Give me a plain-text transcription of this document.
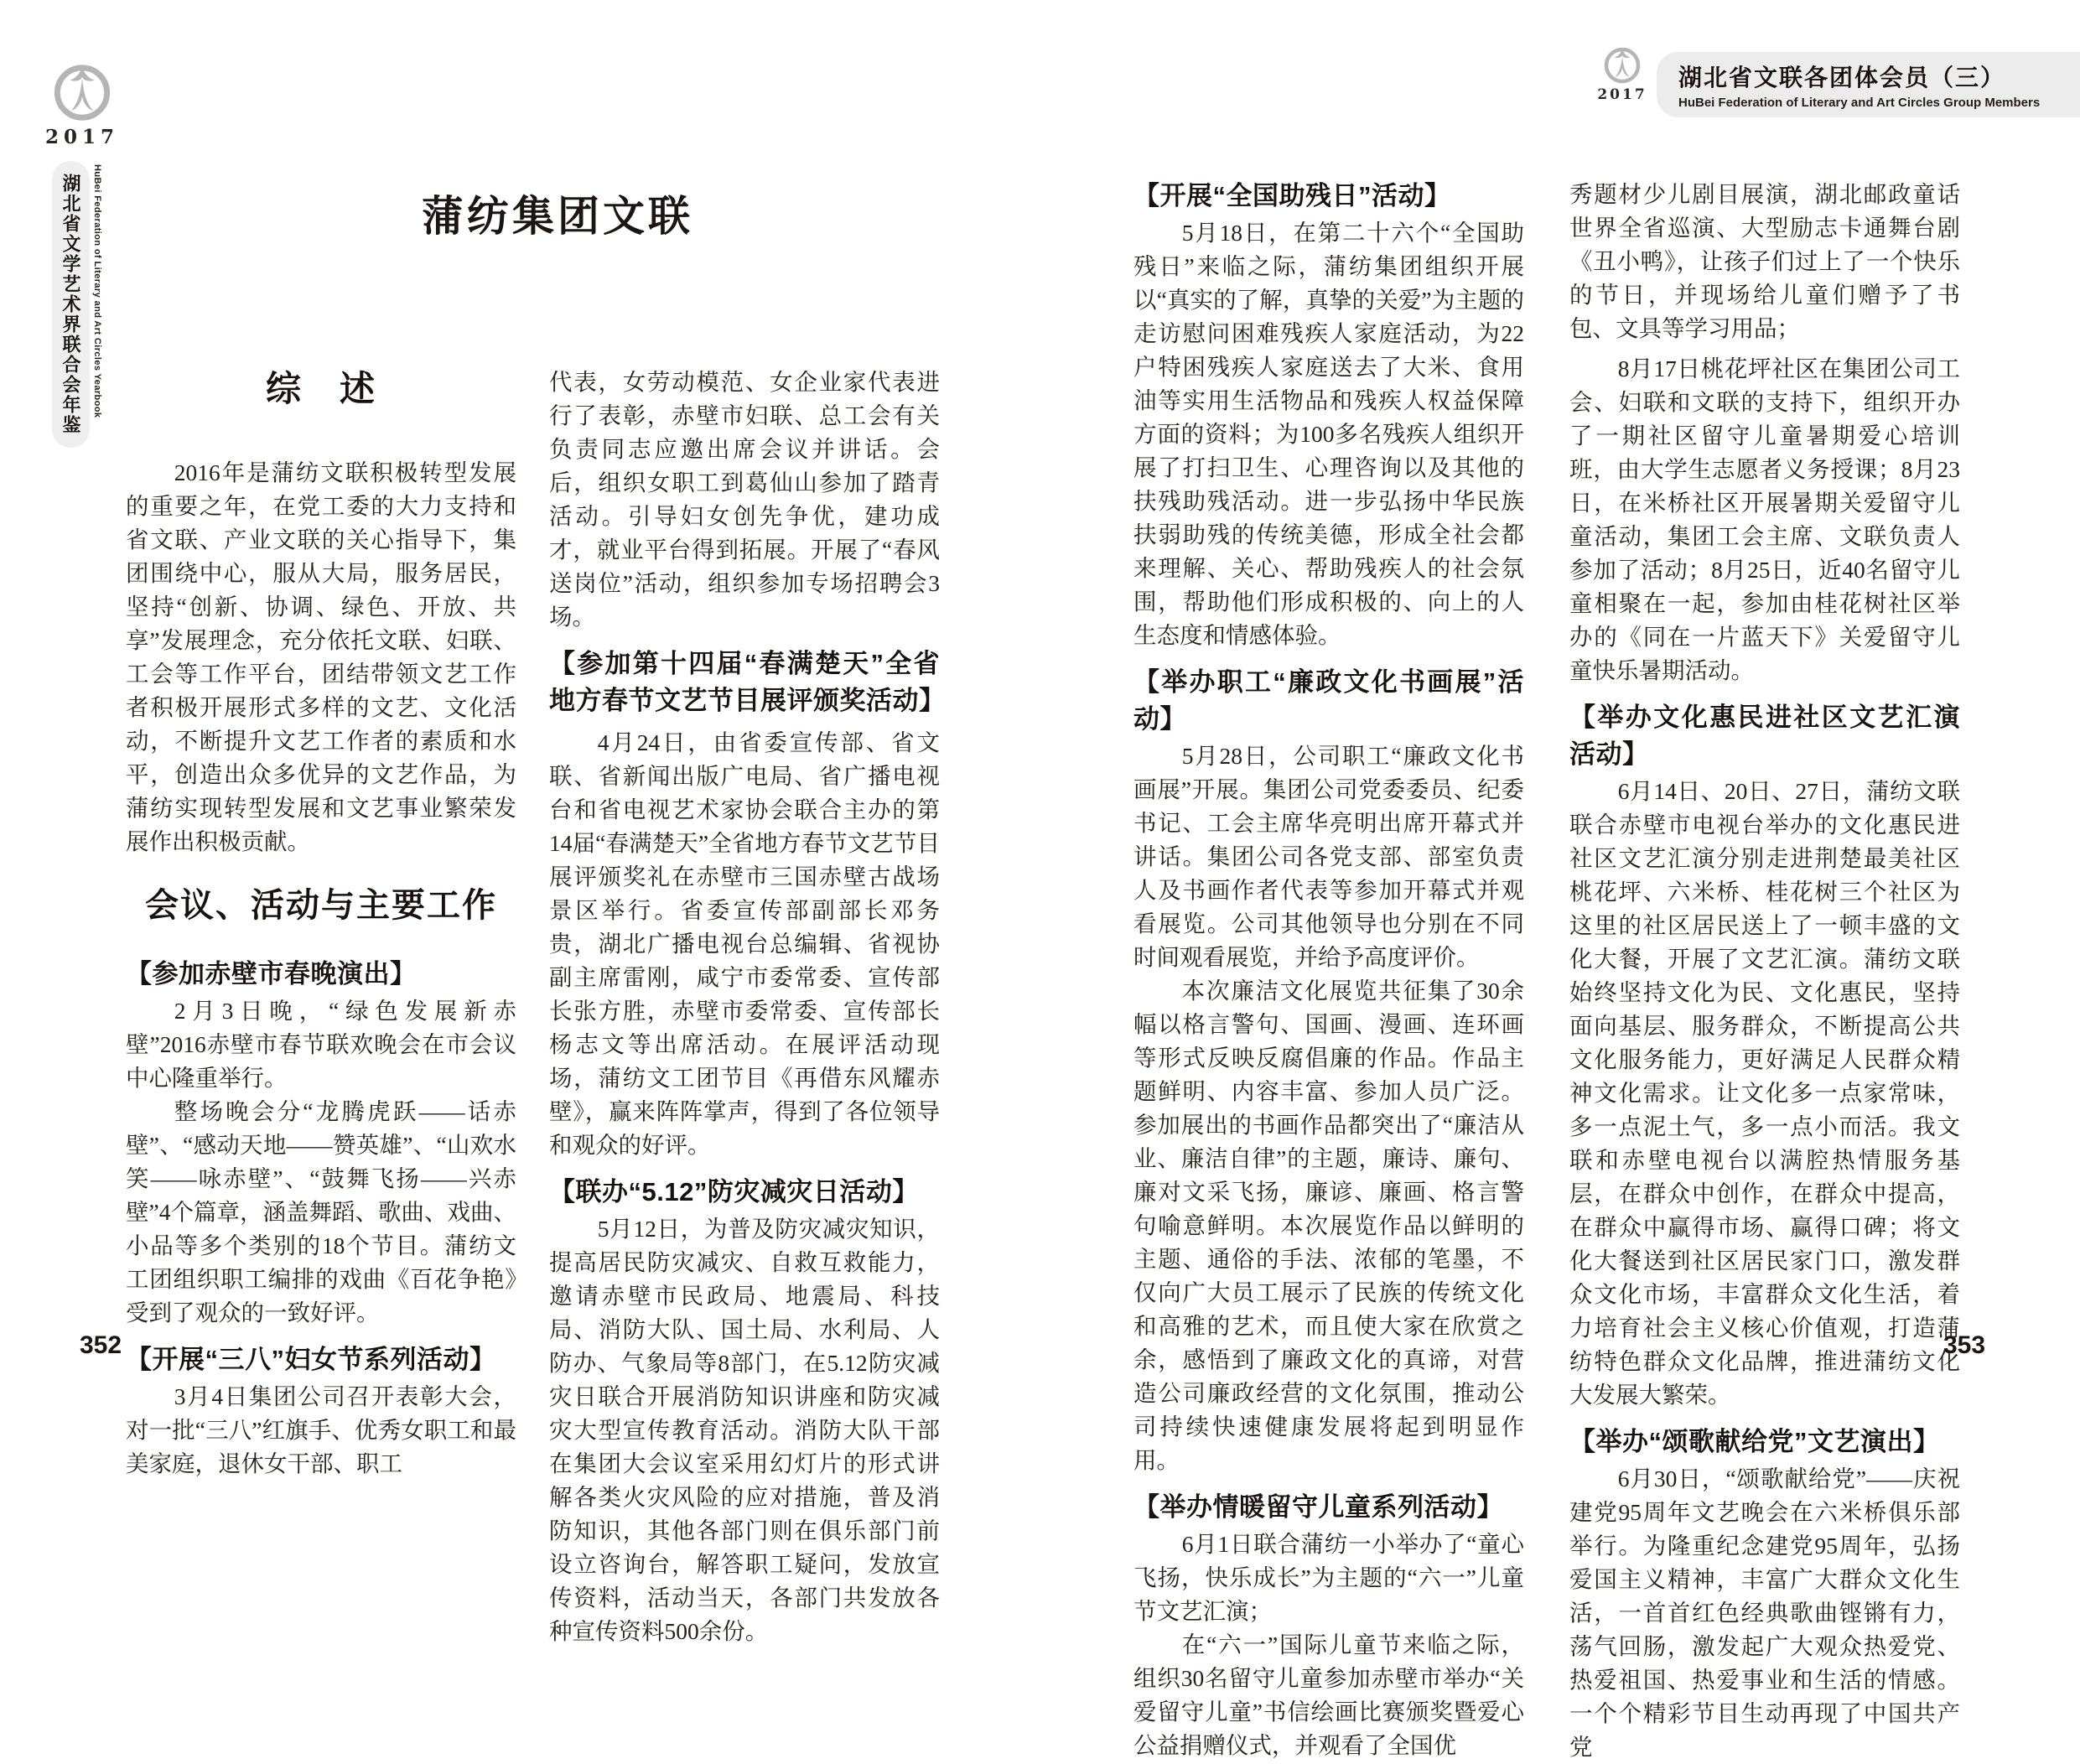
2017
湖北省文学艺术界联合会年鉴 HuBei Federation of Literary and Art Circles Yearbook	蒲纺集团文联
综　述

2016年是蒲纺文联积极转型发展的重要之年，在党工委的大力支持和省文联、产业文联的关心指导下，集团围绕中心，服从大局，服务居民，坚持“创新、协调、绿色、开放、共享”发展理念，充分依托文联、妇联、工会等工作平台，团结带领文艺工作者积极开展形式多样的文艺、文化活动，不断提升文艺工作者的素质和水平，创造出众多优异的文艺作品，为蒲纺实现转型发展和文艺事业繁荣发展作出积极贡献。

会议、活动与主要工作
【参加赤壁市春晚演出】

2月3日晚，“绿色发展新赤壁”2016赤壁市春节联欢晚会在市会议中心隆重举行。

整场晚会分“龙腾虎跃——话赤壁”、“感动天地——赞英雄”、“山欢水笑——咏赤壁”、“鼓舞飞扬——兴赤壁”4个篇章，涵盖舞蹈、歌曲、戏曲、小品等多个类别的18个节目。蒲纺文工团组织职工编排的戏曲《百花争艳》受到了观众的一致好评。

【开展“三八”妇女节系列活动】

3月4日集团公司召开表彰大会，对一批“三八”红旗手、优秀女职工和最美家庭，退休女干部、职工

代表，女劳动模范、女企业家代表进行了表彰，赤壁市妇联、总工会有关负责同志应邀出席会议并讲话。会后，组织女职工到葛仙山参加了踏青活动。引导妇女创先争优，建功成才，就业平台得到拓展。开展了“春风送岗位”活动，组织参加专场招聘会3场。

【参加第十四届“春满楚天”全省地方春节文艺节目展评颁奖活动】

4月24日，由省委宣传部、省文联、省新闻出版广电局、省广播电视台和省电视艺术家协会联合主办的第14届“春满楚天”全省地方春节文艺节目展评颁奖礼在赤壁市三国赤壁古战场景区举行。省委宣传部副部长邓务贵，湖北广播电视台总编辑、省视协副主席雷刚，咸宁市委常委、宣传部长张方胜，赤壁市委常委、宣传部长杨志文等出席活动。在展评活动现场，蒲纺文工团节目《再借东风耀赤壁》，赢来阵阵掌声，得到了各位领导和观众的好评。

【联办“5.12”防灾减灾日活动】

5月12日，为普及防灾减灾知识，提高居民防灾减灾、自救互救能力，邀请赤壁市民政局、地震局、科技局、消防大队、国土局、水利局、人防办、气象局等8部门，在5.12防灾减灾日联合开展消防知识讲座和防灾减灾大型宣传教育活动。消防大队干部在集团大会议室采用幻灯片的形式讲解各类火灾风险的应对措施，普及消防知识，其他各部门则在俱乐部门前设立咨询台，解答职工疑问，发放宣传资料，活动当天，各部门共发放各种宣传资料500余份。

352
2017
湖北省文联各团体会员（三）
HuBei Federation of Literary and Art Circles Group Members
【开展“全国助残日”活动】

5月18日，在第二十六个“全国助残日”来临之际，蒲纺集团组织开展以“真实的了解，真挚的关爱”为主题的走访慰问困难残疾人家庭活动，为22户特困残疾人家庭送去了大米、食用油等实用生活物品和残疾人权益保障方面的资料；为100多名残疾人组织开展了打扫卫生、心理咨询以及其他的扶残助残活动。进一步弘扬中华民族扶弱助残的传统美德，形成全社会都来理解、关心、帮助残疾人的社会氛围，帮助他们形成积极的、向上的人生态度和情感体验。

【举办职工“廉政文化书画展”活动】

5月28日，公司职工“廉政文化书画展”开展。集团公司党委委员、纪委书记、工会主席华亮明出席开幕式并讲话。集团公司各党支部、部室负责人及书画作者代表等参加开幕式并观看展览。公司其他领导也分别在不同时间观看展览，并给予高度评价。

本次廉洁文化展览共征集了30余幅以格言警句、国画、漫画、连环画等形式反映反腐倡廉的作品。作品主题鲜明、内容丰富、参加人员广泛。参加展出的书画作品都突出了“廉洁从业、廉洁自律”的主题，廉诗、廉句、廉对文采飞扬，廉谚、廉画、格言警句喻意鲜明。本次展览作品以鲜明的主题、通俗的手法、浓郁的笔墨，不仅向广大员工展示了民族的传统文化和高雅的艺术，而且使大家在欣赏之余，感悟到了廉政文化的真谛，对营造公司廉政经营的文化氛围，推动公司持续快速健康发展将起到明显作用。

【举办情暖留守儿童系列活动】

6月1日联合蒲纺一小举办了“童心飞扬，快乐成长”为主题的“六一”儿童节文艺汇演；

在“六一”国际儿童节来临之际，组织30名留守儿童参加赤壁市举办“关爱留守儿童”书信绘画比赛颁奖暨爱心公益捐赠仪式，并观看了全国优

秀题材少儿剧目展演，湖北邮政童话世界全省巡演、大型励志卡通舞台剧《丑小鸭》，让孩子们过上了一个快乐的节日，并现场给儿童们赠予了书包、文具等学习用品；

8月17日桃花坪社区在集团公司工会、妇联和文联的支持下，组织开办了一期社区留守儿童暑期爱心培训班，由大学生志愿者义务授课；8月23日，在米桥社区开展暑期关爱留守儿童活动，集团工会主席、文联负责人参加了活动；8月25日，近40名留守儿童相聚在一起，参加由桂花树社区举办的《同在一片蓝天下》关爱留守儿童快乐暑期活动。

【举办文化惠民进社区文艺汇演活动】

6月14日、20日、27日，蒲纺文联联合赤壁市电视台举办的文化惠民进社区文艺汇演分别走进荆楚最美社区桃花坪、六米桥、桂花树三个社区为这里的社区居民送上了一顿丰盛的文化大餐，开展了文艺汇演。蒲纺文联始终坚持文化为民、文化惠民，坚持面向基层、服务群众，不断提高公共文化服务能力，更好满足人民群众精神文化需求。让文化多一点家常味，多一点泥土气，多一点小而活。我文联和赤壁电视台以满腔热情服务基层，在群众中创作，在群众中提高，在群众中赢得市场、赢得口碑；将文化大餐送到社区居民家门口，激发群众文化市场，丰富群众文化生活，着力培育社会主义核心价值观，打造蒲纺特色群众文化品牌，推进蒲纺文化大发展大繁荣。

【举办“颂歌献给党”文艺演出】

6月30日，“颂歌献给党”——庆祝建党95周年文艺晚会在六米桥俱乐部举行。为隆重纪念建党95周年，弘扬爱国主义精神，丰富广大群众文化生活，一首首红色经典歌曲铿锵有力，荡气回肠，激发起广大观众热爱党、热爱祖国、热爱事业和生活的情感。一个个精彩节目生动再现了中国共产党

353
